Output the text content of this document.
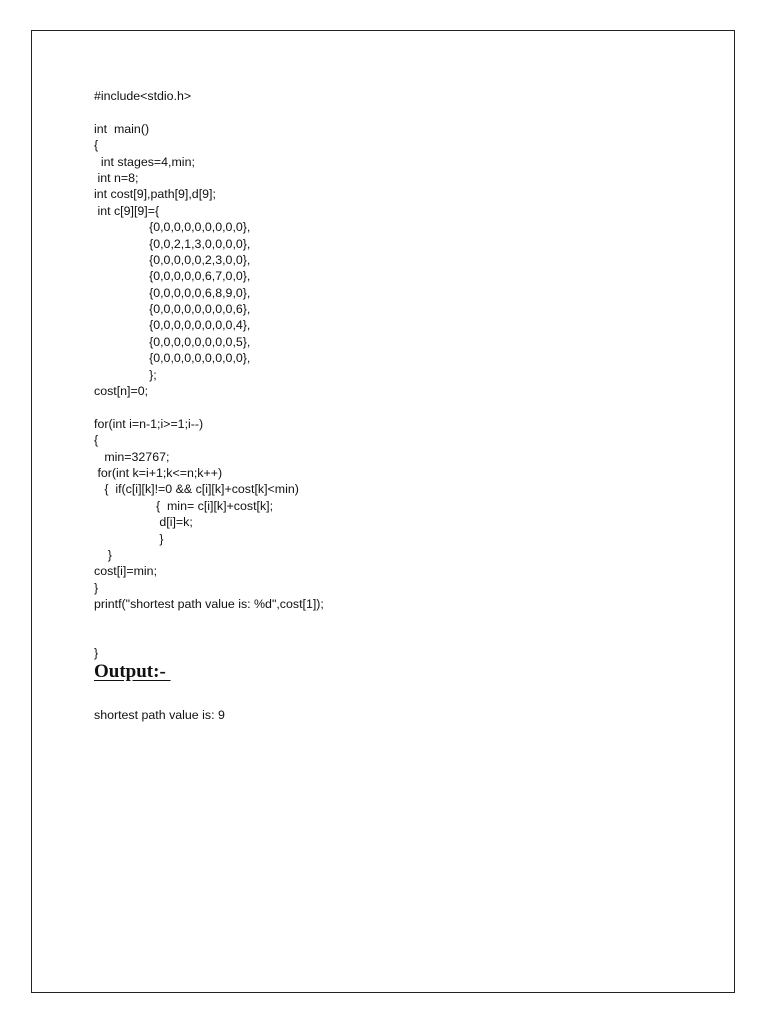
#include<stdio.h>
int  main()
{
int stages=4,min;
int n=8;
int cost[9],path[9],d[9];
int c[9][9]={
{0,0,0,0,0,0,0,0,0},
{0,0,2,1,3,0,0,0,0},
{0,0,0,0,0,2,3,0,0},
{0,0,0,0,0,6,7,0,0},
{0,0,0,0,0,6,8,9,0},
{0,0,0,0,0,0,0,0,6},
{0,0,0,0,0,0,0,0,4},
{0,0,0,0,0,0,0,0,5},
{0,0,0,0,0,0,0,0,0},
};
cost[n]=0;
for(int i=n-1;i>=1;i--)
{
min=32767;
for(int k=i+1;k<=n;k++)
{  if(c[i][k]!=0 && c[i][k]+cost[k]<min)
{  min= c[i][k]+cost[k];
d[i]=k;
}
}
cost[i]=min;
}
printf("shortest path value is: %d",cost[1]);
}
Output:-
shortest path value is: 9
